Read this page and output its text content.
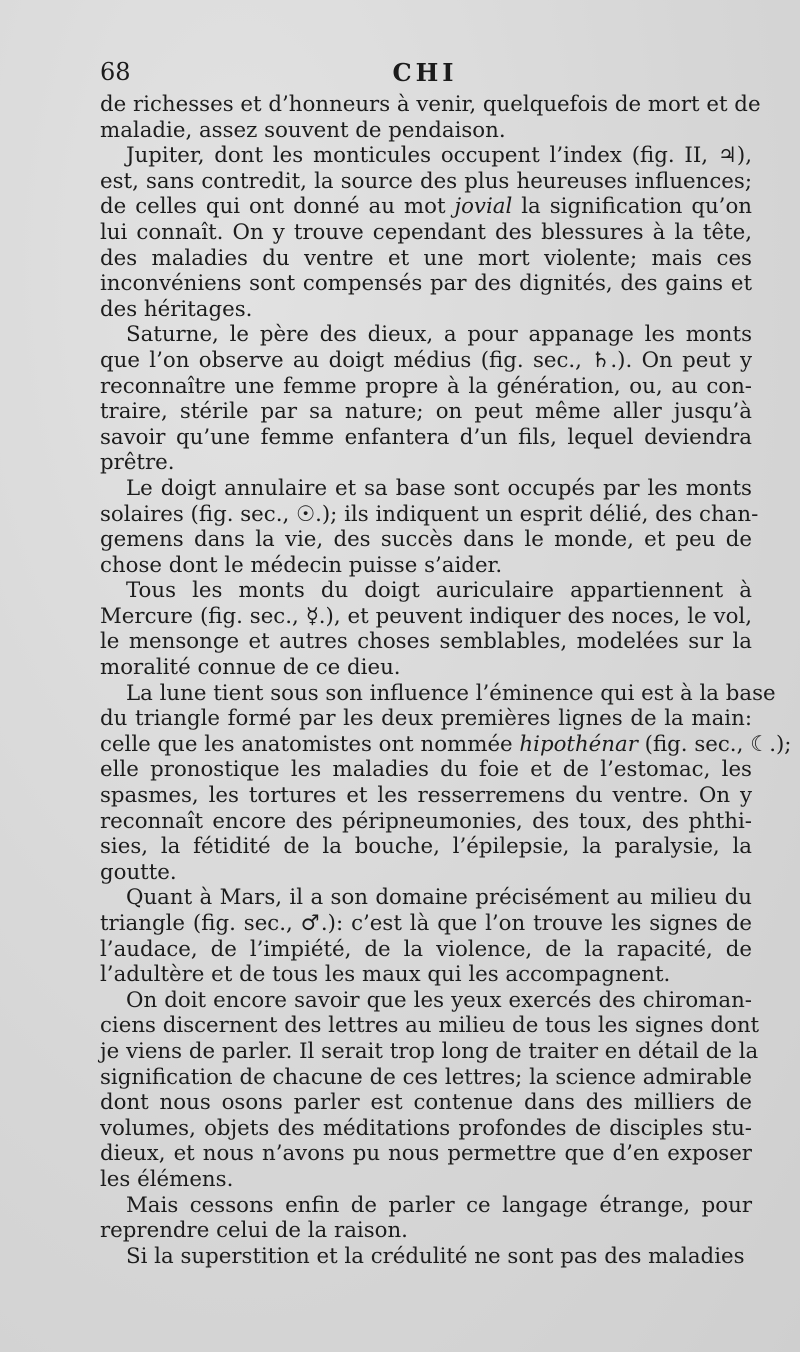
68	CHI
de richesses et d’honneurs à venir, quelquefois de mort et de
maladie, assez souvent de pendaison.
Jupiter, dont les monticules occupent l’index (fig. II, ♃),
est, sans contredit, la source des plus heureuses influences;
de celles qui ont donné au mot jovial la signification qu’on
lui connaît. On y trouve cependant des blessures à la tête,
des maladies du ventre et une mort violente; mais ces
inconvéniens sont compensés par des dignités, des gains et
des héritages.
Saturne, le père des dieux, a pour appanage les monts
que l’on observe au doigt médius (fig. sec., ♄.). On peut y
reconnaître une femme propre à la génération, ou, au con-
traire, stérile par sa nature; on peut même aller jusqu’à
savoir qu’une femme enfantera d’un fils, lequel deviendra
prêtre.
Le doigt annulaire et sa base sont occupés par les monts
solaires (fig. sec., ☉.); ils indiquent un esprit délié, des chan-
gemens dans la vie, des succès dans le monde, et peu de
chose dont le médecin puisse s’aider.
Tous les monts du doigt auriculaire appartiennent à
Mercure (fig. sec., ☿.), et peuvent indiquer des noces, le vol,
le mensonge et autres choses semblables, modelées sur la
moralité connue de ce dieu.
La lune tient sous son influence l’éminence qui est à la base
du triangle formé par les deux premières lignes de la main:
celle que les anatomistes ont nommée hipothénar (fig. sec., ☾.);
elle pronostique les maladies du foie et de l’estomac, les
spasmes, les tortures et les resserremens du ventre. On y
reconnaît encore des péripneumonies, des toux, des phthi-
sies, la fétidité de la bouche, l’épilepsie, la paralysie, la
goutte.
Quant à Mars, il a son domaine précisément au milieu du
triangle (fig. sec., ♂.): c’est là que l’on trouve les signes de
l’audace, de l’impiété, de la violence, de la rapacité, de
l’adultère et de tous les maux qui les accompagnent.
On doit encore savoir que les yeux exercés des chiroman-
ciens discernent des lettres au milieu de tous les signes dont
je viens de parler. Il serait trop long de traiter en détail de la
signification de chacune de ces lettres; la science admirable
dont nous osons parler est contenue dans des milliers de
volumes, objets des méditations profondes de disciples stu-
dieux, et nous n’avons pu nous permettre que d’en exposer
les élémens.
Mais cessons enfin de parler ce langage étrange, pour
reprendre celui de la raison.
Si la superstition et la crédulité ne sont pas des maladies
